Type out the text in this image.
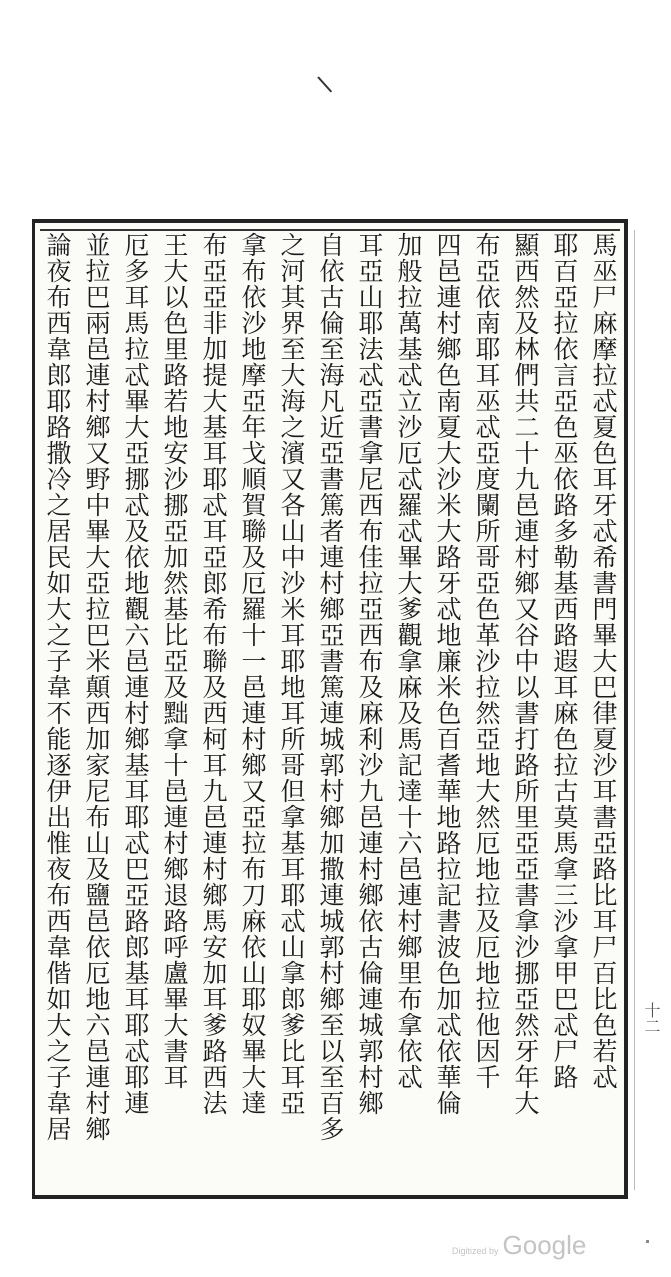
馬巫尸麻摩拉忒夏色耳牙忒希書門畢大巴律夏沙耳書亞路比耳尸百比色若忒
耶百亞拉依言亞色巫依路多勒基西路遐耳麻色拉古莫馬拿三沙拿甲巴忒尸路
顯西然及林們共二十九邑連村鄉又谷中以書打路所里亞亞書拿沙挪亞然牙年大
布亞依南耶耳巫忒亞度闌所哥亞色革沙拉然亞地大然厄地拉及厄地拉他因千
四邑連村鄉色南夏大沙米大路牙忒地廉米色百耆華地路拉記書波色加忒依華倫
加般拉萬基忒立沙厄忒羅忒畢大爹觀拿麻及馬記達十六邑連村鄉里布拿依忒
耳亞山耶法忒亞書拿尼西布佳拉亞西布及麻利沙九邑連村鄉依古倫連城郭村鄉
自依古倫至海凡近亞書篤者連村鄉亞書篤連城郭村鄉加撒連城郭村鄉至以至百多
之河其界至大海之濱又各山中沙米耳耶地耳所哥但拿基耳耶忒山拿郎爹比耳亞
拿布依沙地摩亞年戈順賀聯及厄羅十一邑連村鄉又亞拉布刀麻依山耶奴畢大達
布亞亞非加提大基耳耶忒耳亞郎希布聯及西柯耳九邑連村鄉馬安加耳爹路西法
王大以色里路若地安沙挪亞加然基比亞及黜拿十邑連村鄉退路呼盧畢大書耳
厄多耳馬拉忒畢大亞挪忒及依地觀六邑連村鄉基耳耶忒巴亞路郎基耳耶忒耶連
並拉巴兩邑連村鄉又野中畢大亞拉巴米顛西加家尼布山及鹽邑依厄地六邑連村鄉
論夜布西韋郎耶路撒冷之居民如大之子韋不能逐伊出惟夜布西韋偕如大之子韋居	十二
Digitized by Google
